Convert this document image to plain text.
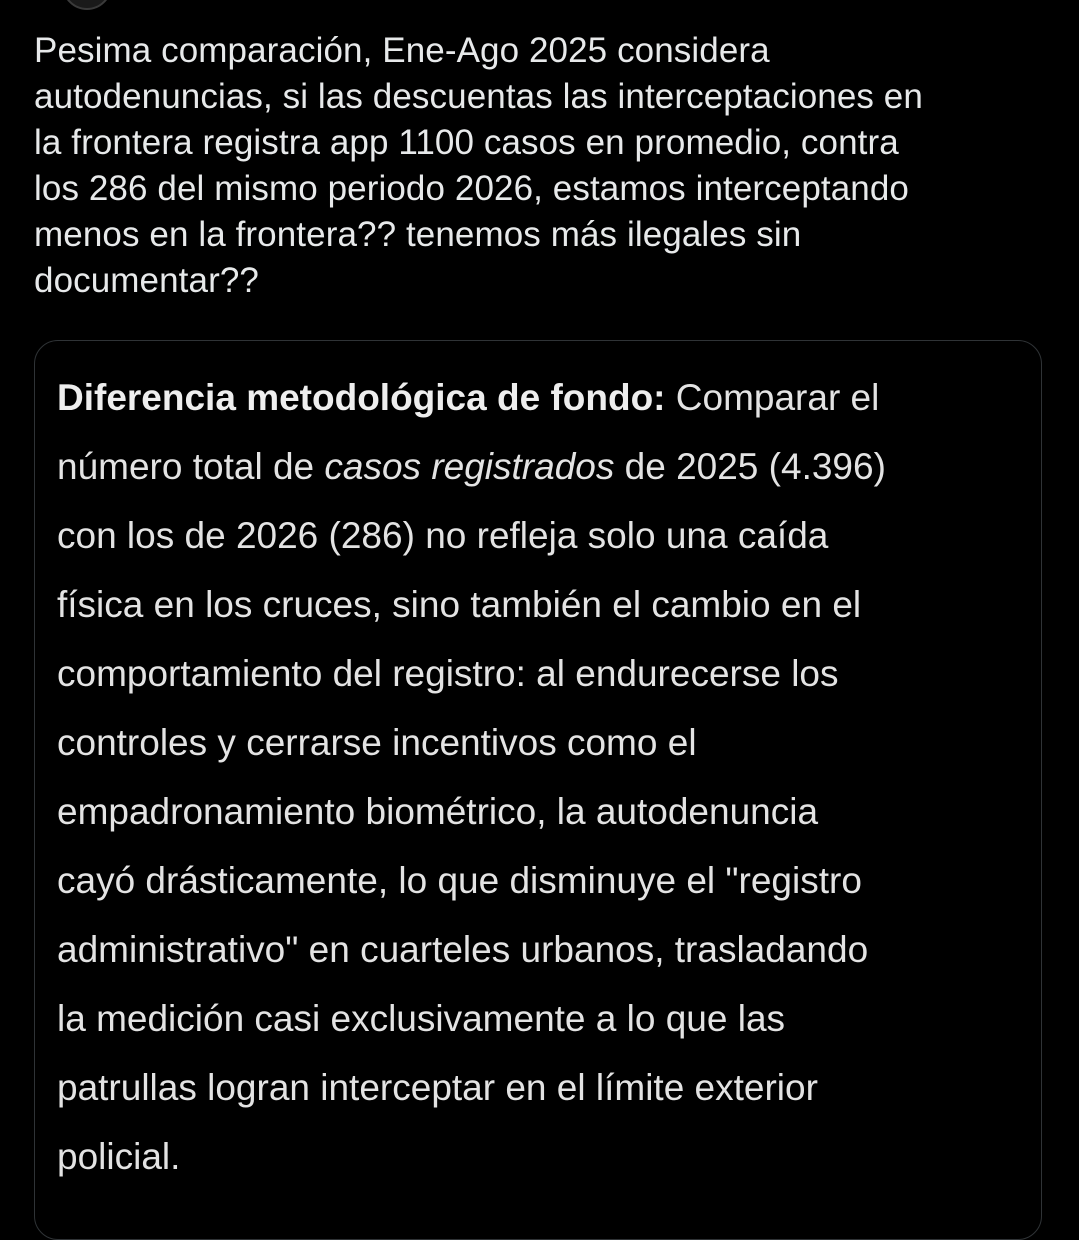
Pesima comparación, Ene-Ago 2025 considera
autodenuncias, si las descuentas las interceptaciones en
la frontera registra app 1100 casos en promedio, contra
los 286 del mismo periodo 2026, estamos interceptando
menos en la frontera?? tenemos más ilegales sin
documentar??
Diferencia metodológica de fondo: Comparar el
número total de casos registrados de 2025 (4.396)
con los de 2026 (286) no refleja solo una caída
física en los cruces, sino también el cambio en el
comportamiento del registro: al endurecerse los
controles y cerrarse incentivos como el
empadronamiento biométrico, la autodenuncia
cayó drásticamente, lo que disminuye el "registro
administrativo" en cuarteles urbanos, trasladando
la medición casi exclusivamente a lo que las
patrullas logran interceptar en el límite exterior
policial.
